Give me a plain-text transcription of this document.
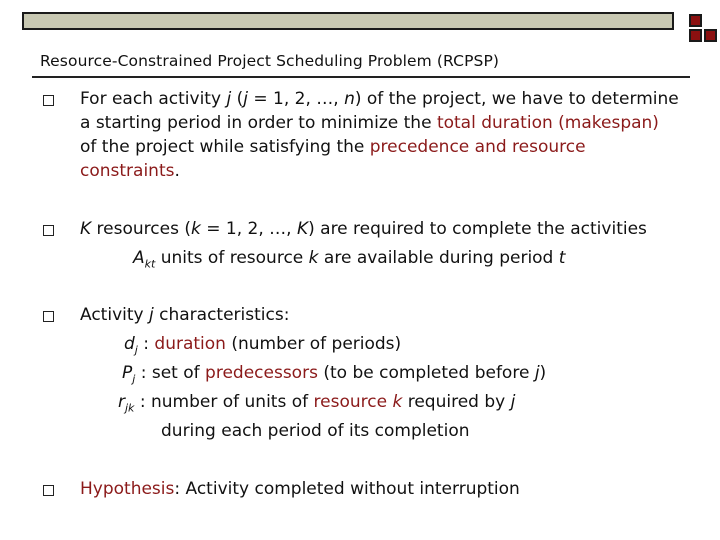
Resource-Constrained Project Scheduling Problem (RCPSP)
For each activity j (j = 1, 2, …, n) of the project, we have to determine a starting period in order to minimize the total duration (makespan) of the project while satisfying the precedence and resource constraints.
K resources (k = 1, 2, …, K) are required to complete the activities
$A_{kt}$ units of resource k are available during period t
Activity j characteristics:
$d_j$ : duration (number of periods)
$P_j$ : set of predecessors (to be completed before j)
$r_{jk}$ : number of units of resource k required by j
during each period of its completion
Hypothesis: Activity completed without interruption
